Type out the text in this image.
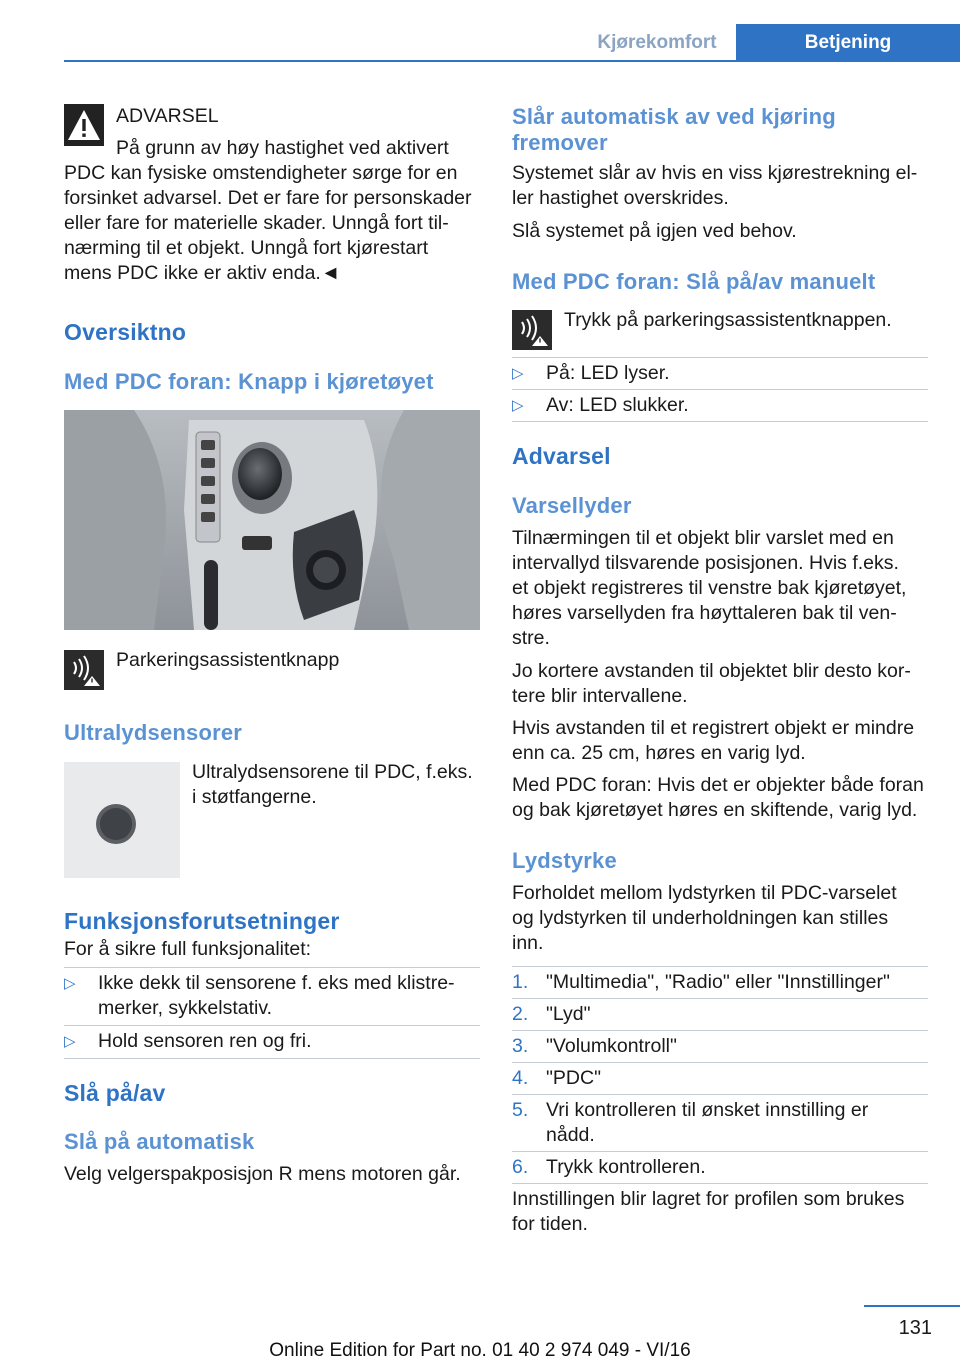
Kjørekomfort	Betjening
ADVARSEL
På grunn av høy hastighet ved aktivert
PDC kan fysiske omstendigheter sørge for en
forsinket advarsel. Det er fare for personskader
eller fare for materielle skader. Unngå fort til-
nærming til et objekt. Unngå fort kjørestart
mens PDC ikke er aktiv enda.◄
Oversiktno
Med PDC foran: Knapp i kjøretøyet
Parkeringsassistentknapp
Ultralydsensorer
Ultralydsensorene til PDC, f.eks.
i støtfangerne.
Funksjonsforutsetninger
For å sikre full funksjonalitet:
▷ Ikke dekk til sensorene f. eks med klistre-
merker, sykkelstativ.
▷ Hold sensoren ren og fri.
Slå på/av
Slå på automatisk
Velg velgerspakposisjon R mens motoren går.
Slår automatisk av ved kjøring
fremover
Systemet slår av hvis en viss kjørestrekning el-
ler hastighet overskrides.
Slå systemet på igjen ved behov.
Med PDC foran: Slå på/av manuelt
Trykk på parkeringsassistentknappen.
▷ På: LED lyser.
▷ Av: LED slukker.
Advarsel
Varsellyder
Tilnærmingen til et objekt blir varslet med en
intervallyd tilsvarende posisjonen. Hvis f.eks.
et objekt registreres til venstre bak kjøretøyet,
høres varsellyden fra høyttaleren bak til ven-
stre.
Jo kortere avstanden til objektet blir desto kor-
tere blir intervallene.
Hvis avstanden til et registrert objekt er mindre
enn ca. 25 cm, høres en varig lyd.
Med PDC foran: Hvis det er objekter både foran
og bak kjøretøyet høres en skiftende, varig lyd.
Lydstyrke
Forholdet mellom lydstyrken til PDC-varselet
og lydstyrken til underholdningen kan stilles
inn.
1. "Multimedia", "Radio" eller "Innstillinger"
2. "Lyd"
3. "Volumkontroll"
4. "PDC"
5. Vri kontrolleren til ønsket innstilling er
nådd.
6. Trykk kontrolleren.
Innstillingen blir lagret for profilen som brukes
for tiden.
131
Online Edition for Part no. 01 40 2 974 049 - VI/16
